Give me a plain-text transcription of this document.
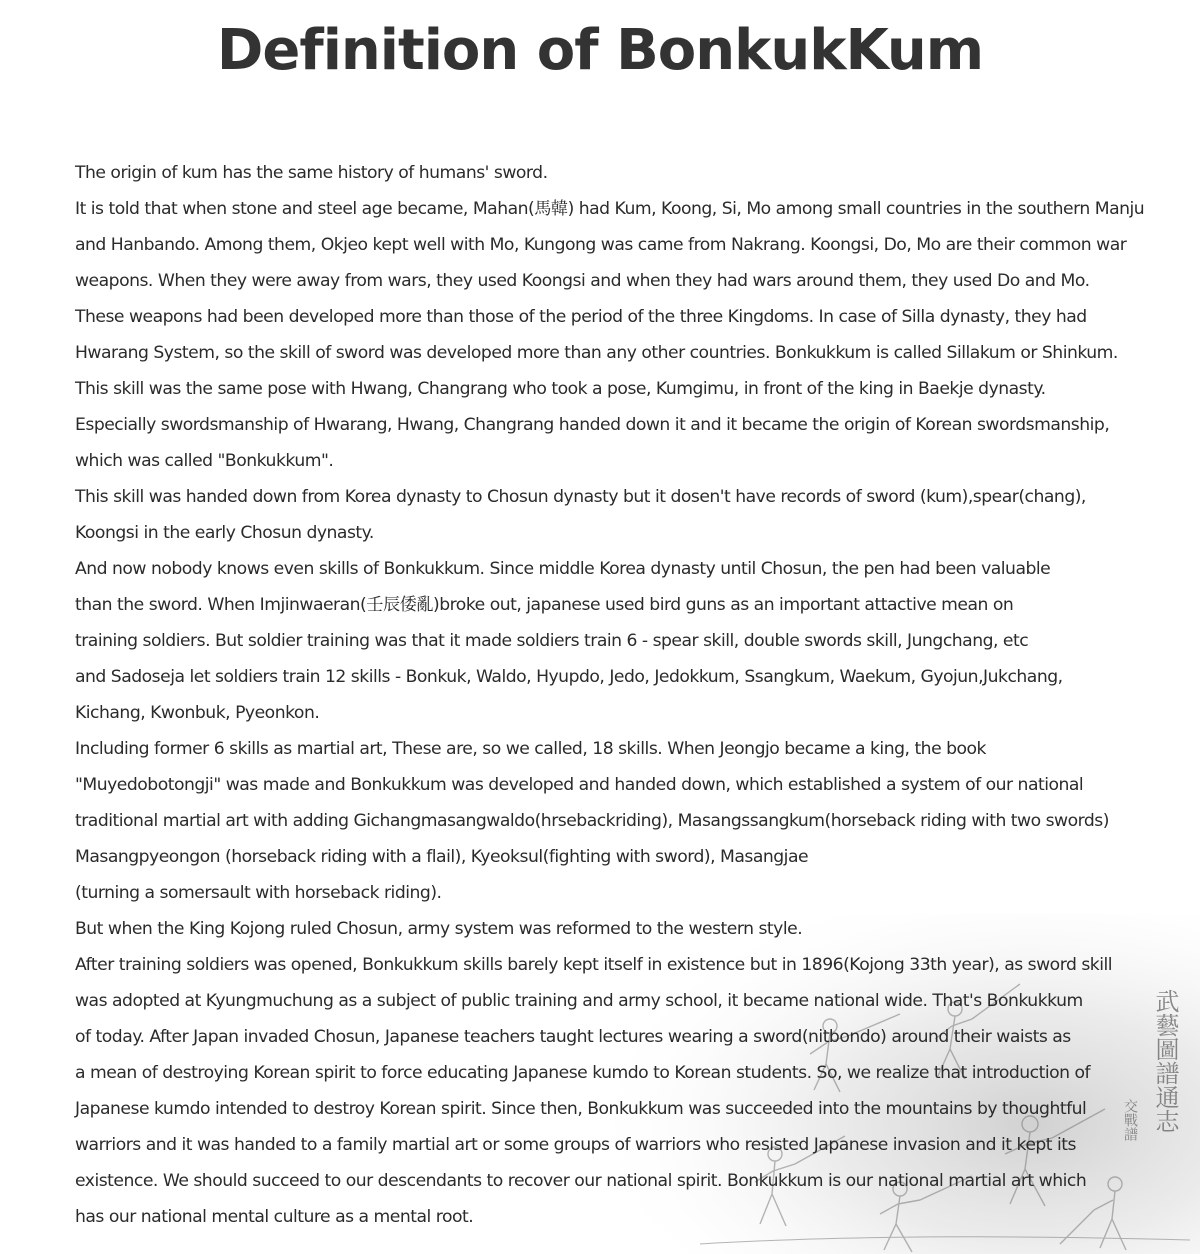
Definition of BonkukKum
武藝圖譜通志
交戰譜
The origin of kum has the same history of humans' sword.
It is told that when stone and steel age became, Mahan(馬韓) had Kum, Koong, Si, Mo among small countries in the southern Manju
and Hanbando. Among them, Okjeo kept well with Mo, Kungong was came from Nakrang. Koongsi, Do, Mo are their common war
weapons. When they were away from wars, they used Koongsi and when they had wars around them, they used Do and Mo.
These weapons had been developed more than those of the period of the three Kingdoms. In case of Silla dynasty, they had
Hwarang System, so the skill of sword was developed more than any other countries. Bonkukkum is called Sillakum or Shinkum.
This skill was the same pose with Hwang, Changrang who took a pose, Kumgimu, in front of the king in Baekje dynasty.
Especially swordsmanship of Hwarang, Hwang, Changrang handed down it and it became the origin of Korean swordsmanship,
which was called "Bonkukkum".
This skill was handed down from Korea dynasty to Chosun dynasty but it dosen't have records of sword (kum),spear(chang),
Koongsi in the early Chosun dynasty.
And now nobody knows even skills of Bonkukkum. Since middle Korea dynasty until Chosun, the pen had been valuable
than the sword. When Imjinwaeran(壬辰倭亂)broke out, japanese used bird guns as an important attactive mean on
training soldiers. But soldier training was that it made soldiers train 6 - spear skill, double swords skill, Jungchang, etc
and Sadoseja let soldiers train 12 skills - Bonkuk, Waldo, Hyupdo, Jedo, Jedokkum, Ssangkum, Waekum, Gyojun,Jukchang,
Kichang, Kwonbuk, Pyeonkon.
Including former 6 skills as martial art, These are, so we called, 18 skills. When Jeongjo became a king, the book
"Muyedobotongji" was made and Bonkukkum was developed and handed down, which established a system of our national
traditional martial art with adding Gichangmasangwaldo(hrsebackriding), Masangssangkum(horseback riding with two swords)
Masangpyeongon (horseback riding with a flail), Kyeoksul(fighting with sword), Masangjae
(turning a somersault with horseback riding).
But when the King Kojong ruled Chosun, army system was reformed to the western style.
After training soldiers was opened, Bonkukkum skills barely kept itself in existence but in 1896(Kojong 33th year), as sword skill
was adopted at Kyungmuchung as a subject of public training and army school, it became national wide. That's Bonkukkum
of today. After Japan invaded Chosun, Japanese teachers taught lectures wearing a sword(nitbondo) around their waists as
a mean of destroying Korean spirit to force educating Japanese kumdo to Korean students. So, we realize that introduction of
Japanese kumdo intended to destroy Korean spirit. Since then, Bonkukkum was succeeded into the mountains by thoughtful
warriors and it was handed to a family martial art or some groups of warriors who resisted Japanese invasion and it kept its
existence. We should succeed to our descendants to recover our national spirit. Bonkukkum is our national martial art which
has our national mental culture as a mental root.
